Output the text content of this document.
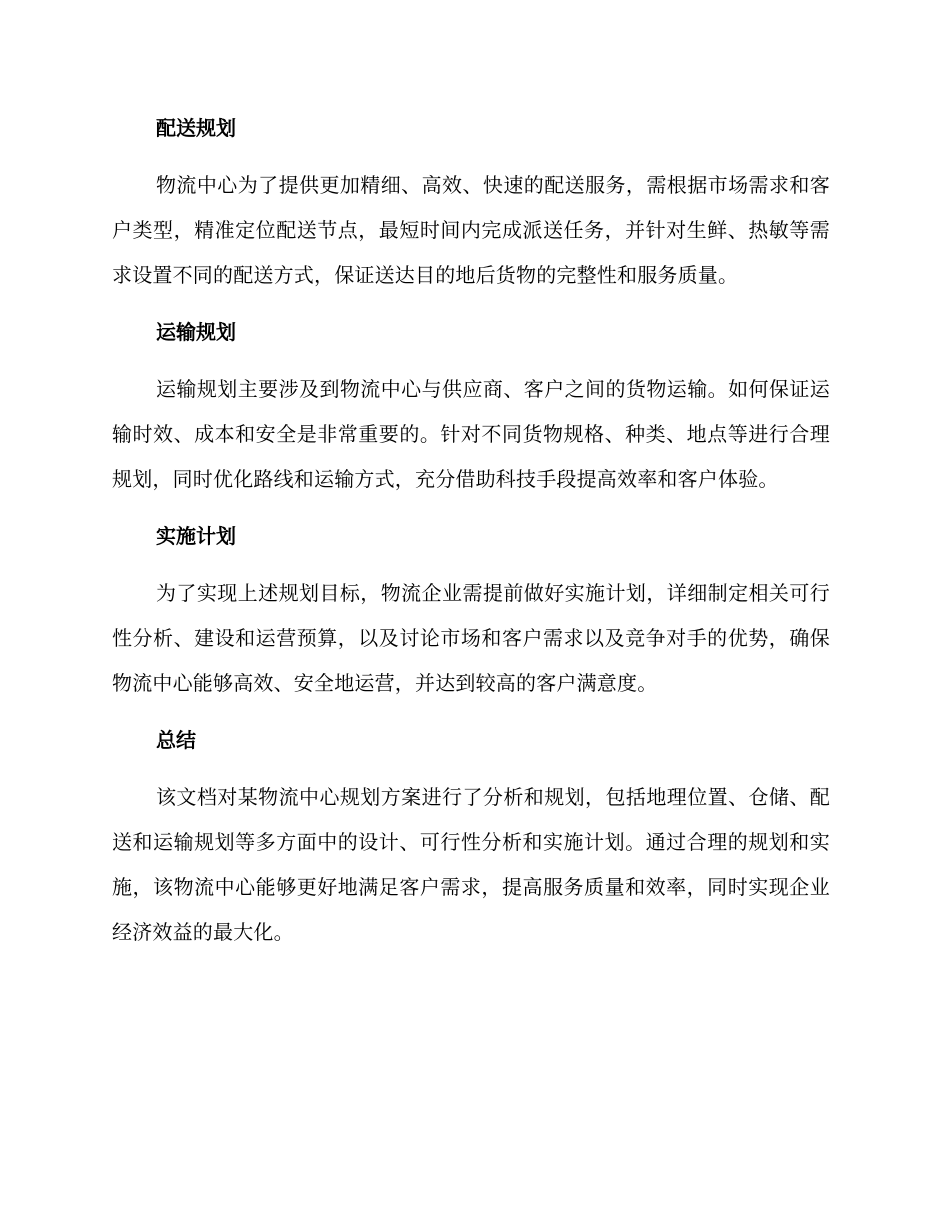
配送规划

物流中心为了提供更加精细、高效、快速的配送服务，需根据市场需求和客户类型，精准定位配送节点，最短时间内完成派送任务，并针对生鲜、热敏等需求设置不同的配送方式，保证送达目的地后货物的完整性和服务质量。

运输规划

运输规划主要涉及到物流中心与供应商、客户之间的货物运输。如何保证运输时效、成本和安全是非常重要的。针对不同货物规格、种类、地点等进行合理规划，同时优化路线和运输方式，充分借助科技手段提高效率和客户体验。

实施计划

为了实现上述规划目标，物流企业需提前做好实施计划，详细制定相关可行性分析、建设和运营预算，以及讨论市场和客户需求以及竞争对手的优势，确保物流中心能够高效、安全地运营，并达到较高的客户满意度。

总结

该文档对某物流中心规划方案进行了分析和规划，包括地理位置、仓储、配送和运输规划等多方面中的设计、可行性分析和实施计划。通过合理的规划和实施，该物流中心能够更好地满足客户需求，提高服务质量和效率，同时实现企业经济效益的最大化。
